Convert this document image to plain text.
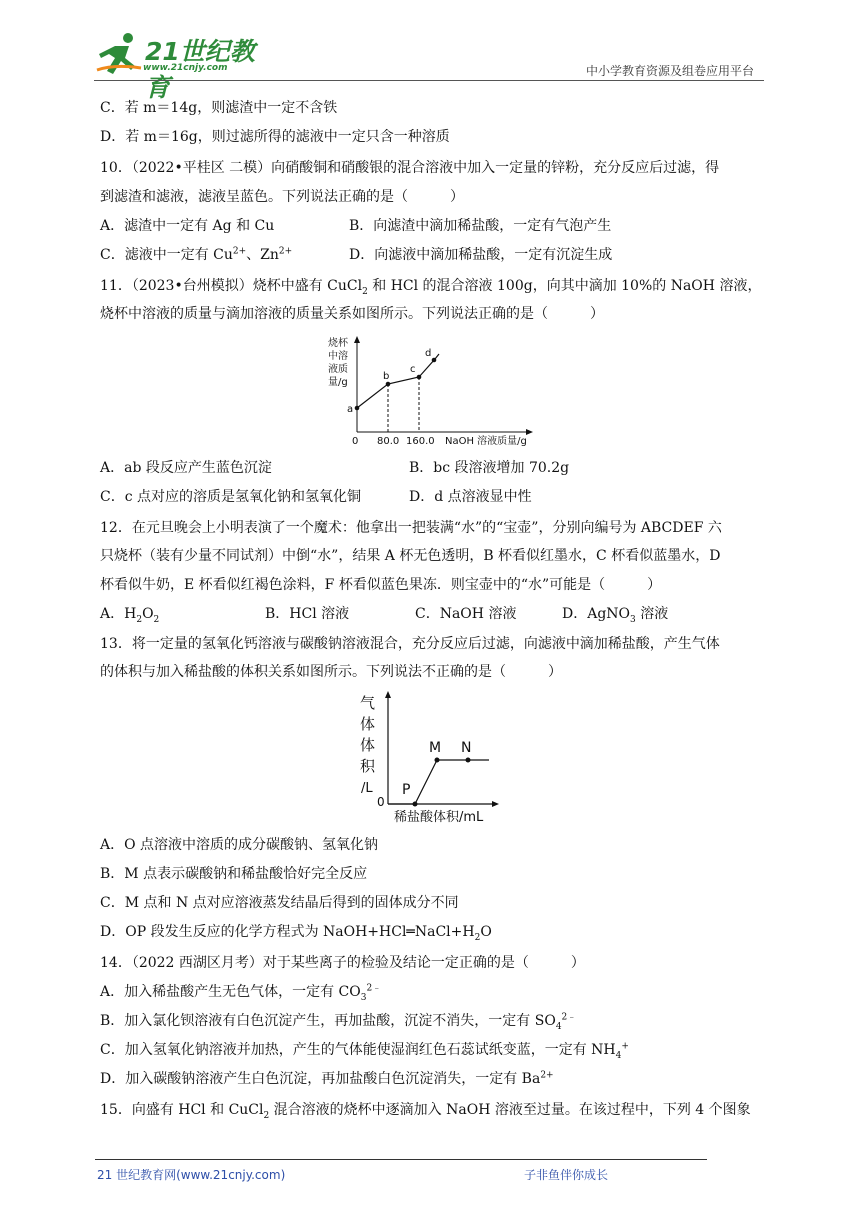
21世纪教育
www.21cnjy.com	中小学教育资源及组卷应用平台
C．若 m＝14g，则滤渣中一定不含铁
D．若 m＝16g，则过滤所得的滤液中一定只含一种溶质
10．（2022•平桂区 二模）向硝酸铜和硝酸银的混合溶液中加入一定量的锌粉，充分反应后过滤，得
到滤渣和滤液，滤液呈蓝色。下列说法正确的是（　　　）
A．滤渣中一定有 Ag 和 Cu	B．向滤渣中滴加稀盐酸，一定有气泡产生
C．滤液中一定有 $Cu^{2+}$、$Zn^{2+}$	D．向滤液中滴加稀盐酸，一定有沉淀生成
11．（2023•台州模拟）烧杯中盛有 CuCl$_2$ 和 HCl 的混合溶液 100g，向其中滴加 10%的 NaOH 溶液，
烧杯中溶液的质量与滴加溶液的质量关系如图所示。下列说法正确的是（　　　）
烧杯
中溶
液质
量/g
a
b
c
d
0 80.0 160.0 NaOH 溶液质量/g
A．ab 段反应产生蓝色沉淀	B．bc 段溶液增加 70.2g
C．c 点对应的溶质是氢氧化钠和氢氧化铜	D．d 点溶液显中性
12．在元旦晚会上小明表演了一个魔术：他拿出一把装满“水”的“宝壶”，分别向编号为 ABCDEF 六
只烧杯（装有少量不同试剂）中倒“水”，结果 A 杯无色透明，B 杯看似红墨水，C 杯看似蓝墨水，D
杯看似牛奶，E 杯看似红褐色涂料，F 杯看似蓝色果冻．则宝壶中的“水”可能是（　　　）
A．$H_2O_2$	B．HCl 溶液	C．NaOH 溶液	D．AgNO$_3$ 溶液
13．将一定量的氢氧化钙溶液与碳酸钠溶液混合，充分反应后过滤，向滤液中滴加稀盐酸，产生气体
的体积与加入稀盐酸的体积关系如图所示。下列说法不正确的是（　　　）
气
体
体
积
/L P
M N
0
稀盐酸体积/mL
A．O 点溶液中溶质的成分碳酸钠、氢氧化钠
B．M 点表示碳酸钠和稀盐酸恰好完全反应
C．M 点和 N 点对应溶液蒸发结晶后得到的固体成分不同
D．OP 段发生反应的化学方程式为 $NaOH+HCl═NaCl+H_2O$
14．（2022 西湖区月考）对于某些离子的检验及结论一定正确的是（　　　）
A．加入稀盐酸产生无色气体，一定有 $CO_3^{2﹣}$
B．加入氯化钡溶液有白色沉淀产生，再加盐酸，沉淀不消失，一定有 $SO_4^{2﹣}$
C．加入氢氧化钠溶液并加热，产生的气体能使湿润红色石蕊试纸变蓝，一定有 $NH_4^+$
D．加入碳酸钠溶液产生白色沉淀，再加盐酸白色沉淀消失，一定有 $Ba^{2+}$
15．向盛有 HCl 和 CuCl$_2$ 混合溶液的烧杯中逐滴加入 NaOH 溶液至过量。在该过程中，下列 4 个图象
21 世纪教育网(www.21cnjy.com)	子非鱼伴你成长
